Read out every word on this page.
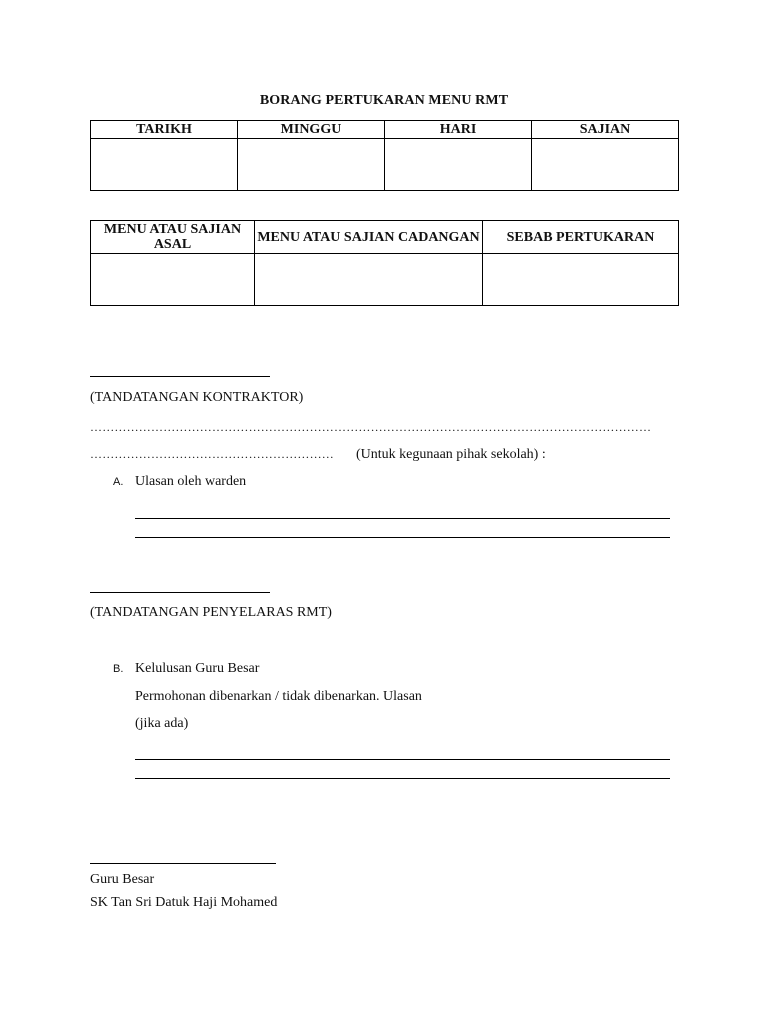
BORANG PERTUKARAN MENU RMT
TARIKH	MINGGU	HARI	SAJIAN

MENU ATAU SAJIAN ASAL	MENU ATAU SAJIAN CADANGAN	SEBAB PERTUKARAN

(TANDATANGAN KONTRAKTOR)
…………………………………………………………………………………………………………………………
……………………………………………………	(Untuk kegunaan pihak sekolah) :
A. Ulasan oleh warden
(TANDATANGAN PENYELARAS RMT)
B. Kelulusan Guru Besar
Permohonan dibenarkan / tidak dibenarkan. Ulasan
(jika ada)
Guru Besar
SK Tan Sri Datuk Haji Mohamed
